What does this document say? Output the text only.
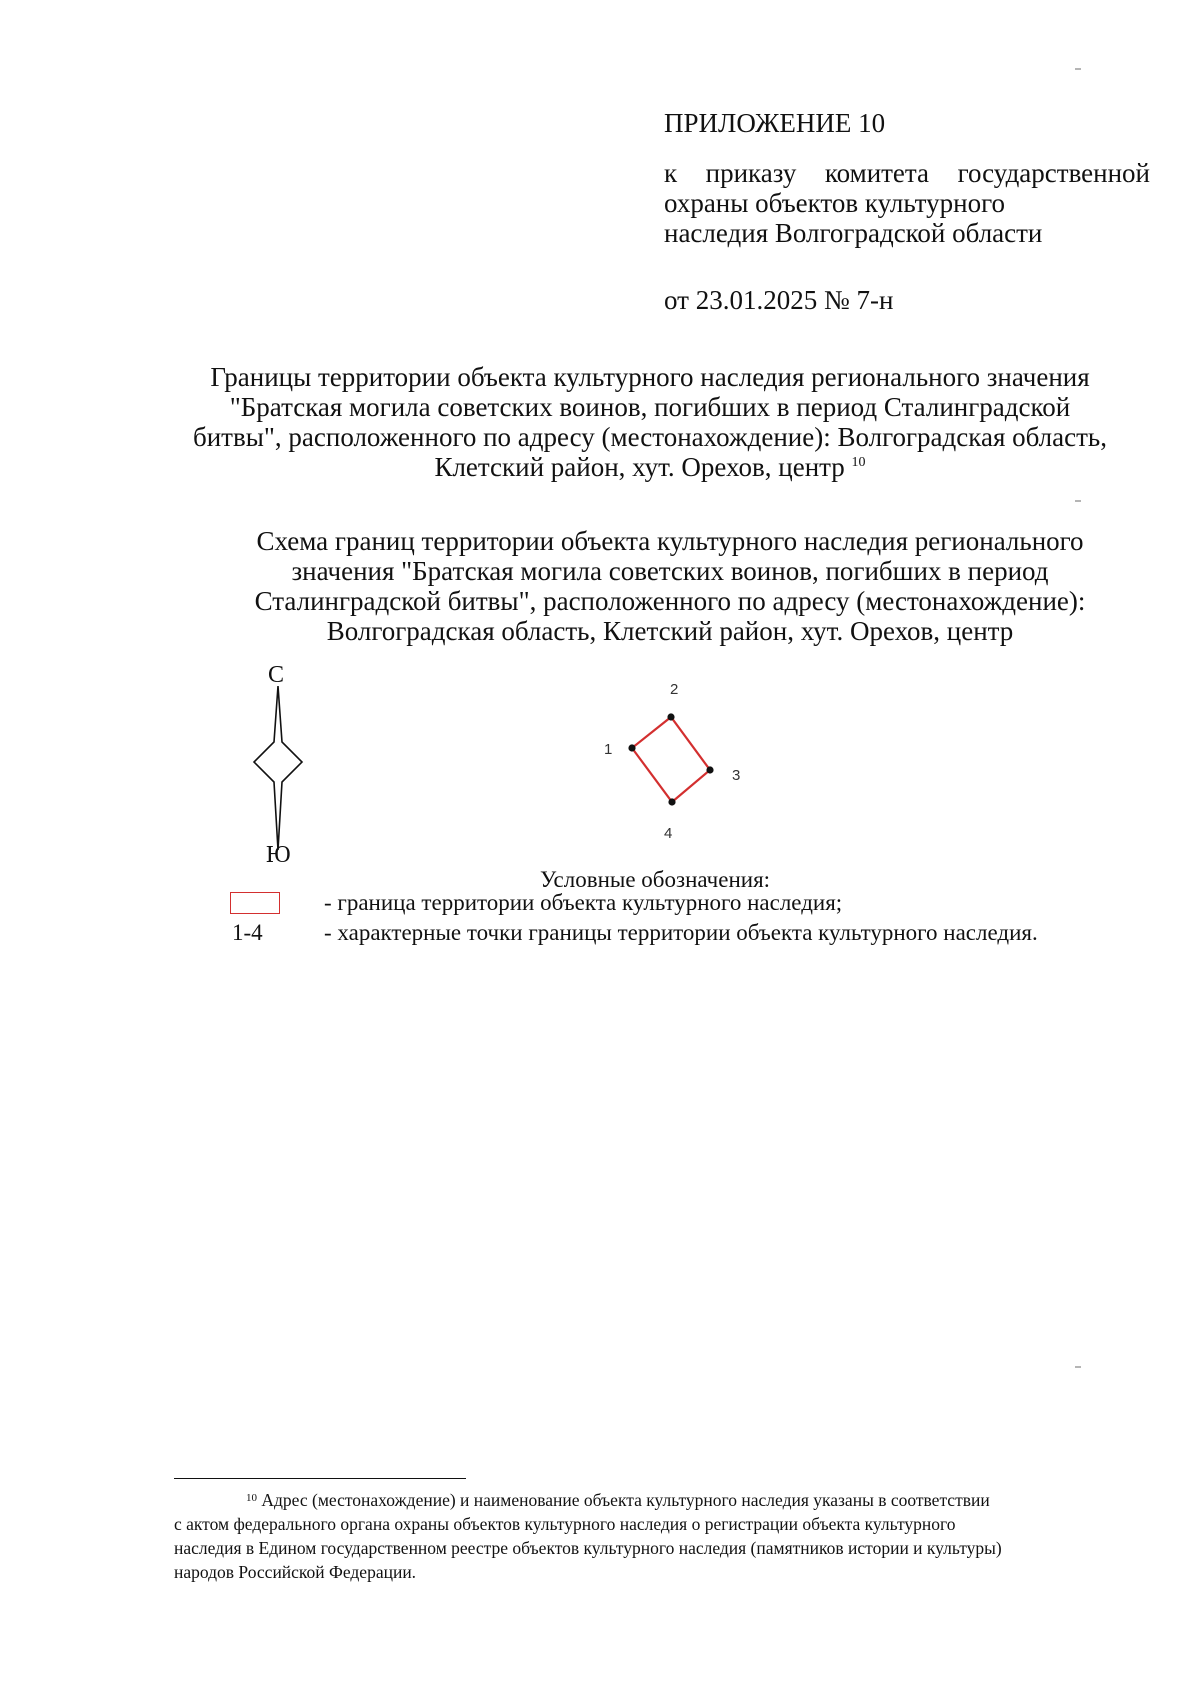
ПРИЛОЖЕНИЕ 10

к приказу комитета государственной
охраны объектов культурного
наследия Волгоградской области

от 23.01.2025 № 7-н

Границы территории объекта культурного наследия регионального значения
"Братская могила советских воинов, погибших в период Сталинградской
битвы", расположенного по адресу (местонахождение): Волгоградская область,
Клетский район, хут. Орехов, центр $^{10}$
Схема границ территории объекта культурного наследия регионального
значения "Братская могила советских воинов, погибших в период
Сталинградской битвы", расположенного по адресу (местонахождение):
Волгоградская область, Клетский район, хут. Орехов, центр
С
Ю
1
2
3
4
Условные обозначения:
- граница территории объекта культурного наследия;
1-4	- характерные точки границы территории объекта культурного наследия.
$^{10}$ Адрес (местонахождение) и наименование объекта культурного наследия указаны в соответствии
с актом федерального органа охраны объектов культурного наследия о регистрации объекта культурного
наследия в Едином государственном реестре объектов культурного наследия (памятников истории и культуры)
народов Российской Федерации.
